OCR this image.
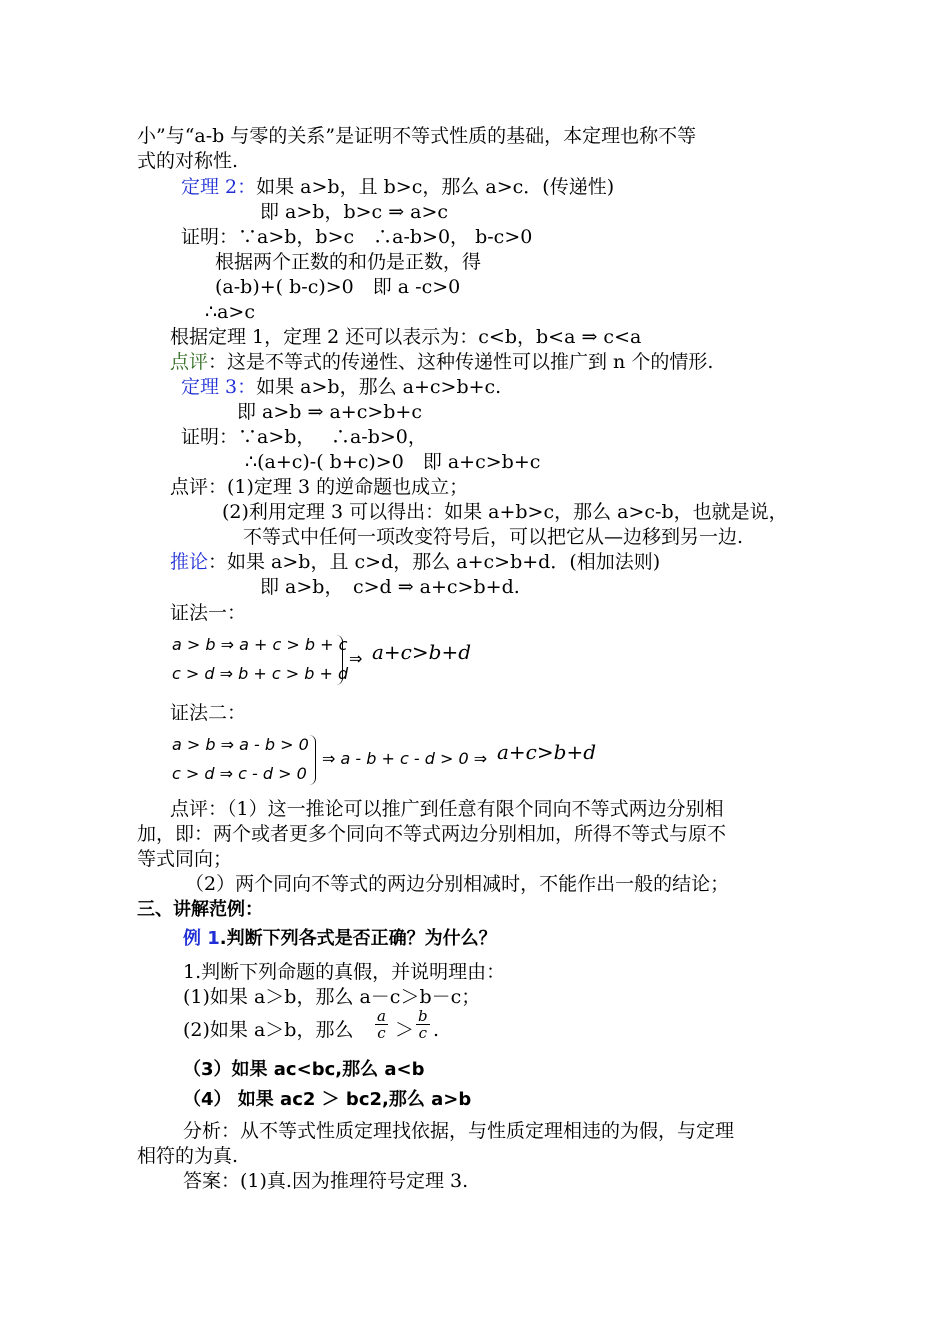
小”与“a-b 与零的关系”是证明不等式性质的基础，本定理也称不等
式的对称性.
定理 2：如果 a>b，且 b>c，那么 a>c．(传递性)
即 a>b，b>c ⇒ a>c
证明：∵a>b，b>c　∴a-b>0， b-c>0
根据两个正数的和仍是正数，得
(a-b)+( b-c)>0　即 a -c>0
∴a>c
根据定理 1，定理 2 还可以表示为：c<b，b<a ⇒ c<a
点评：这是不等式的传递性、这种传递性可以推广到 n 个的情形.
定理 3：如果 a>b，那么 a+c>b+c.
即 a>b ⇒ a+c>b+c
证明：∵a>b，　 ∴a-b>0，
∴(a+c)-( b+c)>0　即 a+c>b+c
点评：(1)定理 3 的逆命题也成立；
(2)利用定理 3 可以得出：如果 a+b>c，那么 a>c-b，也就是说，
不等式中任何一项改变符号后，可以把它从—边移到另一边.
推论：如果 a>b，且 c>d，那么 a+c>b+d．(相加法则)
即 a>b，　c>d ⇒ a+c>b+d.
证法一：
a > b ⇒ a + c > b + c
c > d ⇒ b + c > b + d
⇒ a+c>b+d
证法二：
a > b ⇒ a - b > 0
c > d ⇒ c - d > 0
⇒ a - b + c - d > 0 ⇒ a+c>b+d
点评：（1）这一推论可以推广到任意有限个同向不等式两边分别相
加，即：两个或者更多个同向不等式两边分别相加，所得不等式与原不
等式同向；
（2）两个同向不等式的两边分别相减时，不能作出一般的结论；
三、讲解范例：
例 1.判断下列各式是否正确？为什么？
1.判断下列命题的真假，并说明理由：
(1)如果 a＞b，那么 a－c＞b－c；
(2)如果 a＞b，那么 $\frac{a}{c} > \frac{b}{c}$ .
（3）如果 ac<bc,那么 a<b
（4） 如果 ac2 ＞ bc2,那么 a>b
分析：从不等式性质定理找依据，与性质定理相违的为假，与定理
相符的为真.
答案：(1)真.因为推理符号定理 3.
